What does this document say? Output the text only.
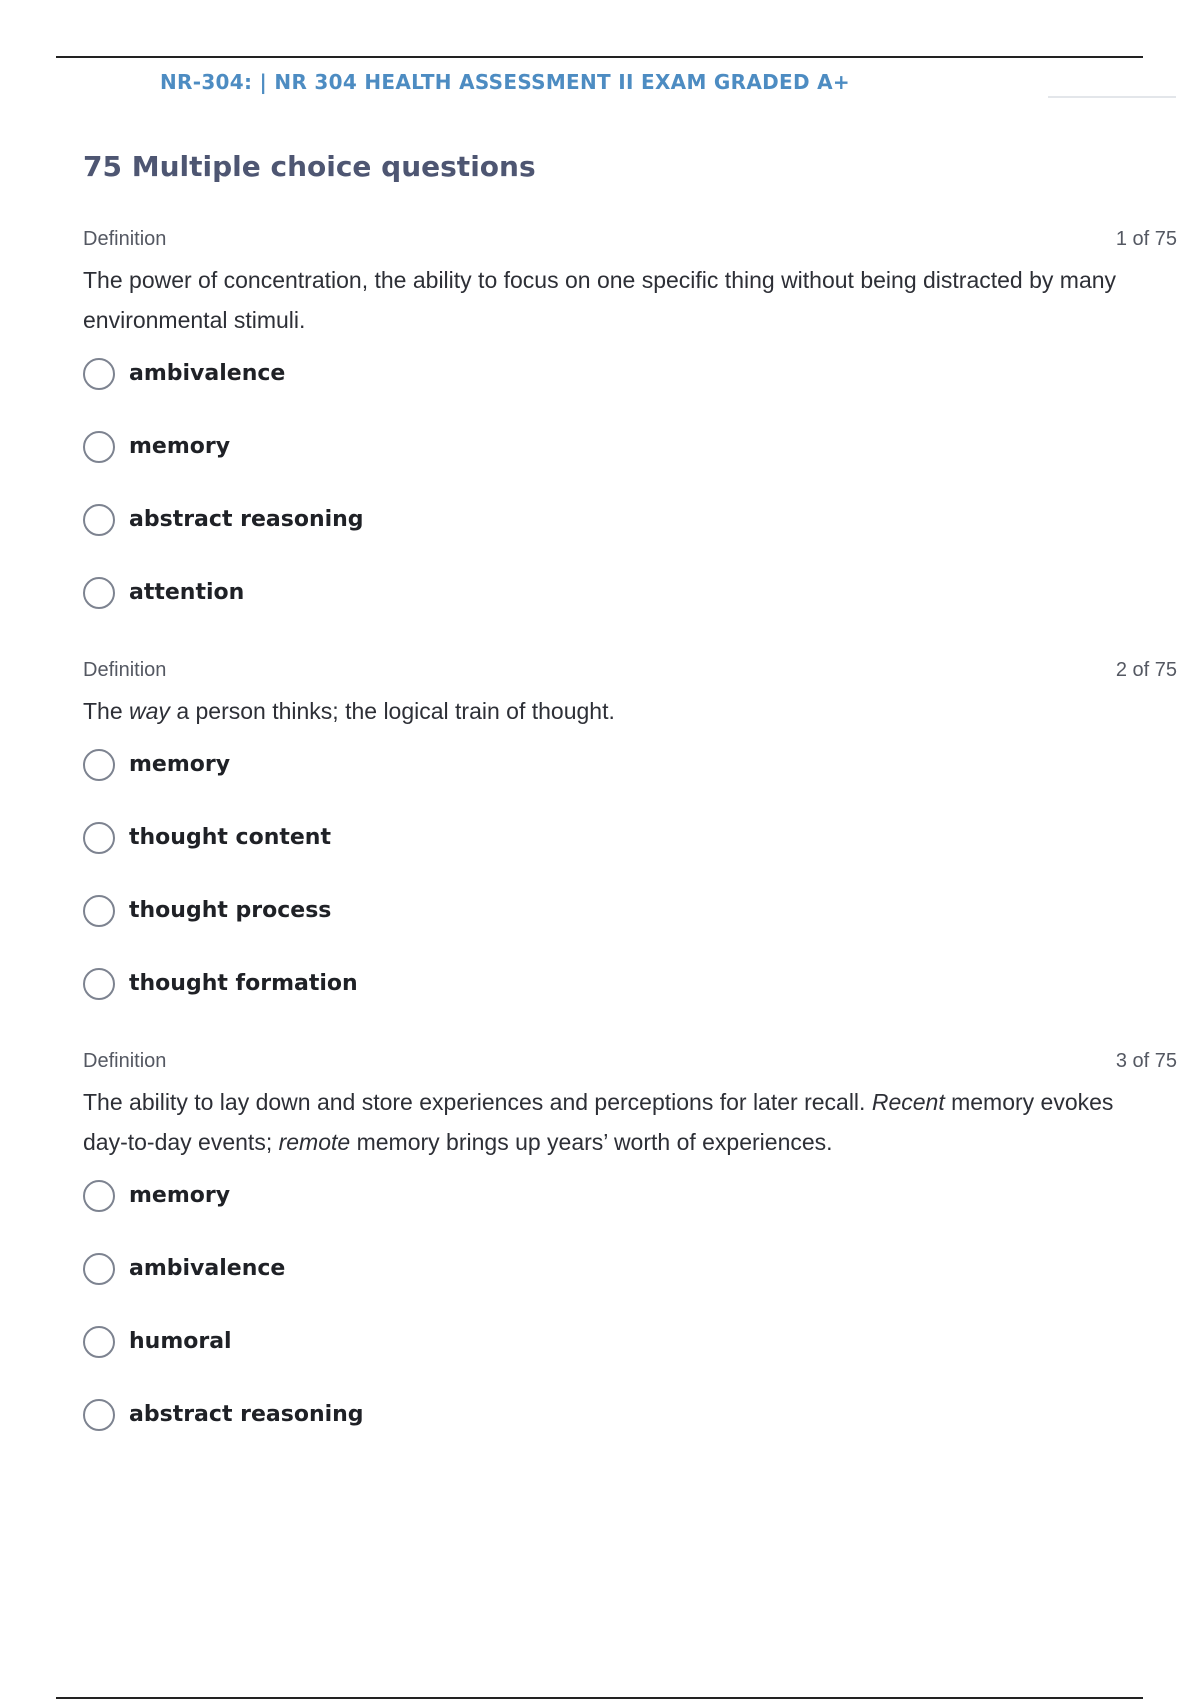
NR-304: | NR 304 HEALTH ASSESSMENT II EXAM GRADED A+
75 Multiple choice questions
Definition	1 of 75
The power of concentration, the ability to focus on one specific thing without being distracted by many environmental stimuli.
ambivalence
memory
abstract reasoning
attention
Definition	2 of 75
The way a person thinks; the logical train of thought.
memory
thought content
thought process
thought formation
Definition	3 of 75
The ability to lay down and store experiences and perceptions for later recall. Recent memory evokes day-to-day events; remote memory brings up years’ worth of experiences.
memory
ambivalence
humoral
abstract reasoning
